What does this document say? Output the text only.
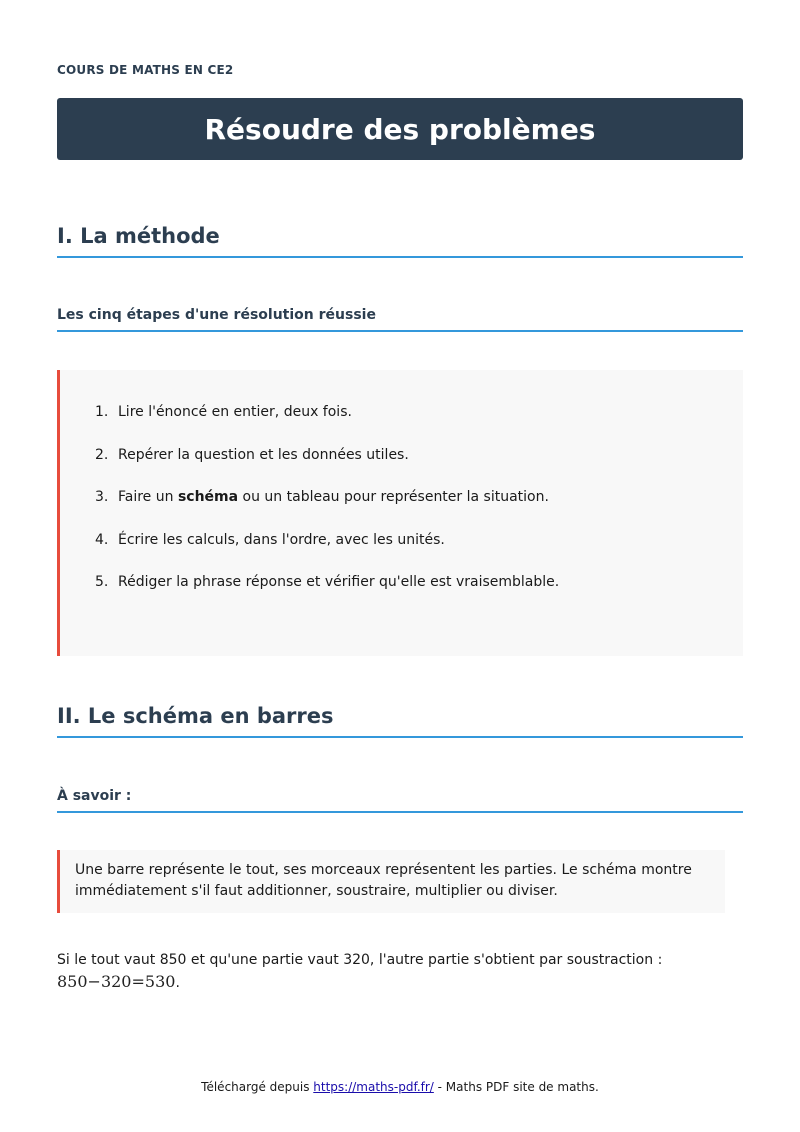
COURS DE MATHS EN CE2
Résoudre des problèmes
I. La méthode
Les cinq étapes d'une résolution réussie
1. Lire l'énoncé en entier, deux fois.
2. Repérer la question et les données utiles.
3. Faire un schéma ou un tableau pour représenter la situation.
4. Écrire les calculs, dans l'ordre, avec les unités.
5. Rédiger la phrase réponse et vérifier qu'elle est vraisemblable.
II. Le schéma en barres
À savoir :
Une barre représente le tout, ses morceaux représentent les parties. Le schéma montre
immédiatement s'il faut additionner, soustraire, multiplier ou diviser.
Si le tout vaut 850 et qu'une partie vaut 320, l'autre partie s'obtient par soustraction :
850−320=530.
Téléchargé depuis https://maths-pdf.fr/ - Maths PDF site de maths.
